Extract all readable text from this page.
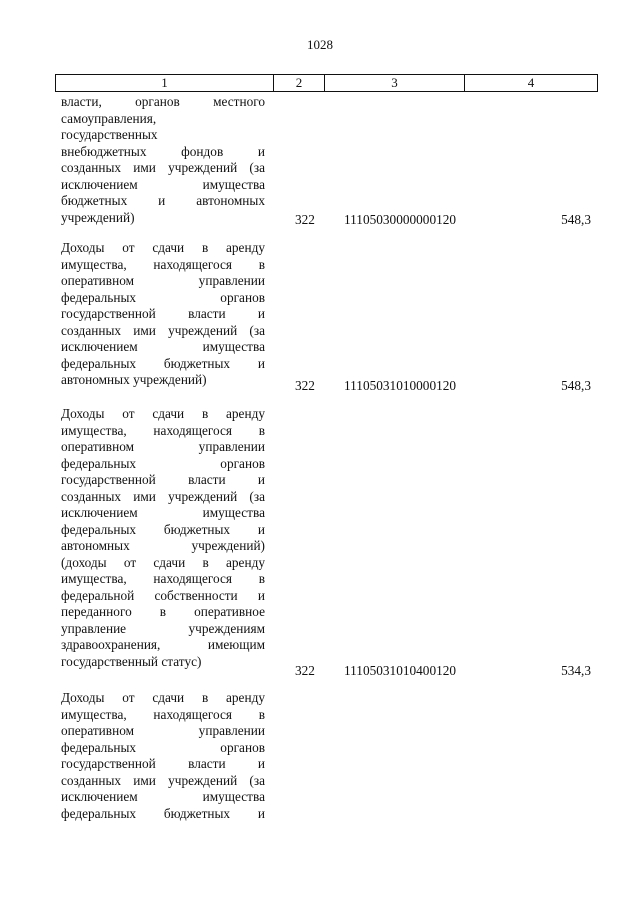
1028
1	2	3	4
власти, органов местного
самоуправления,
государственных
внебюджетных фондов и
созданных ими учреждений (за
исключением имущества
бюджетных и автономных
учреждений)	322 11105030000000120	548,3
Доходы от сдачи в аренду
имущества, находящегося в
оперативном управлении
федеральных органов
государственной власти и
созданных ими учреждений (за
исключением имущества
федеральных бюджетных и
автономных учреждений)	322 11105031010000120	548,3
Доходы от сдачи в аренду
имущества, находящегося в
оперативном управлении
федеральных органов
государственной власти и
созданных ими учреждений (за
исключением имущества
федеральных бюджетных и
автономных учреждений)
(доходы от сдачи в аренду
имущества, находящегося в
федеральной собственности и
переданного в оперативное
управление учреждениям
здравоохранения, имеющим
государственный статус)
322 11105031010400120	534,3
Доходы от сдачи в аренду
имущества, находящегося в
оперативном управлении
федеральных органов
государственной власти и
созданных ими учреждений (за
исключением имущества
федеральных бюджетных и
